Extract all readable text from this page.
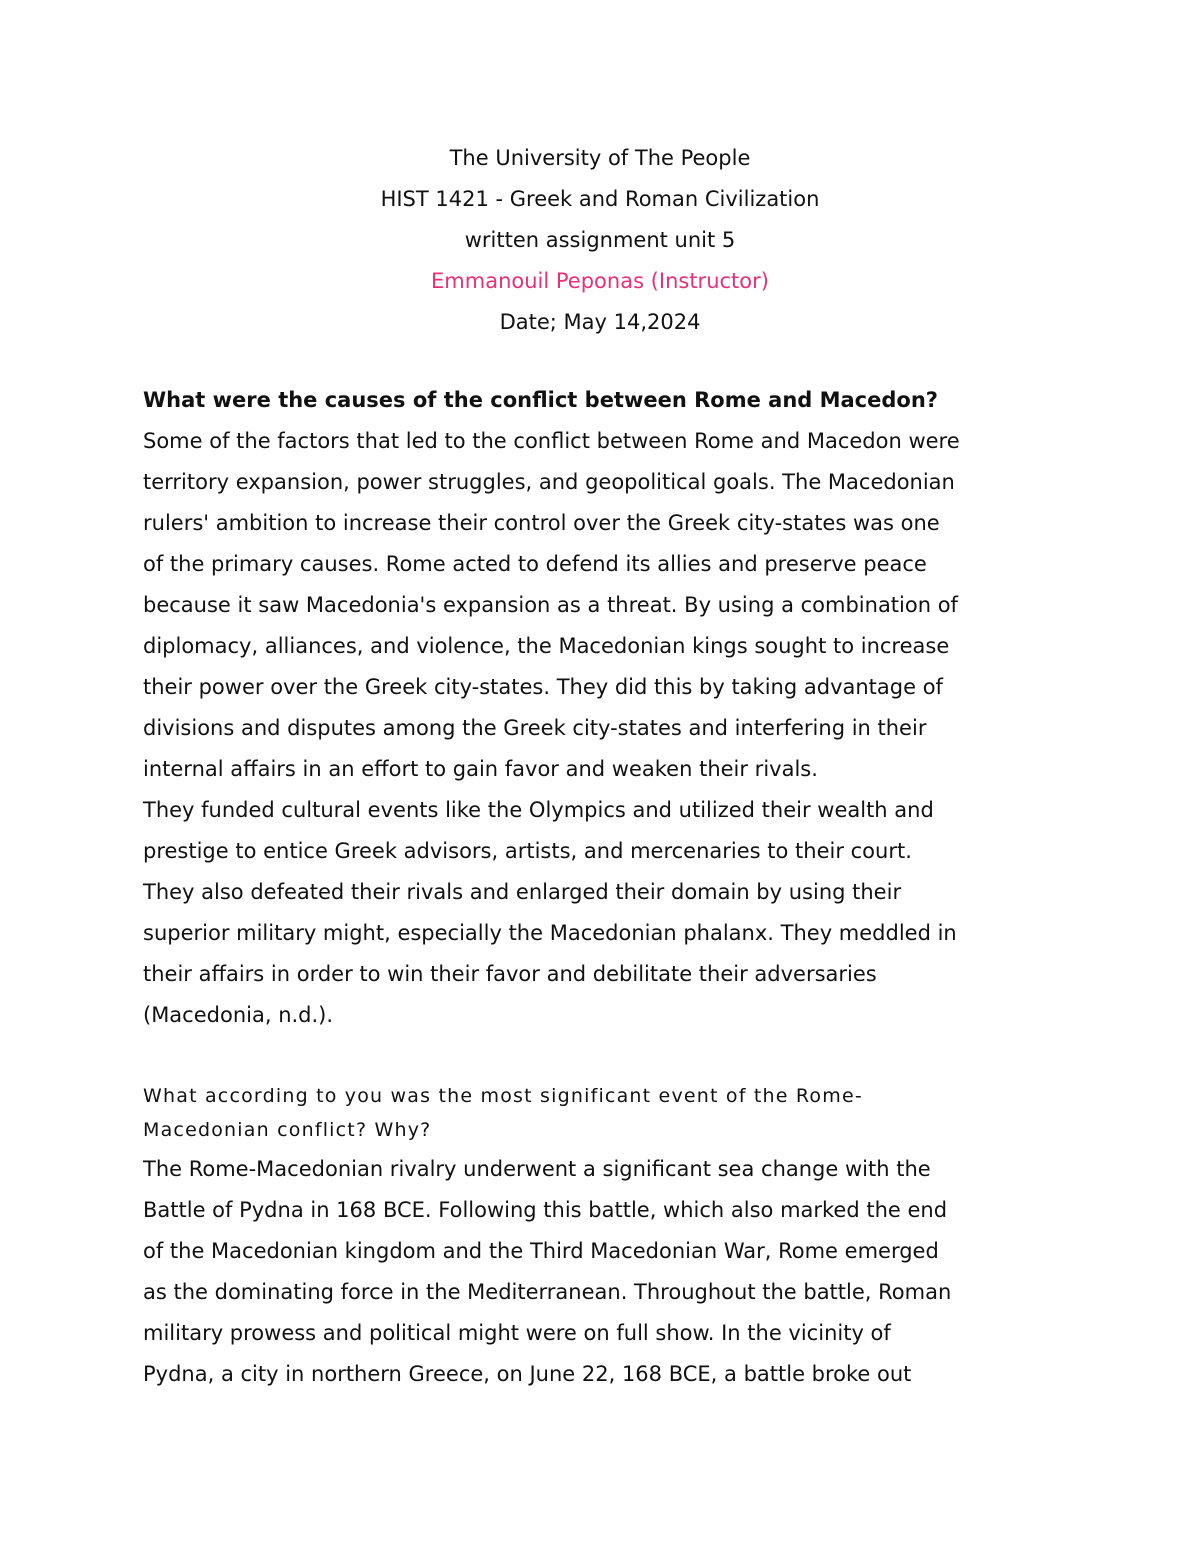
The University of The People
HIST 1421 - Greek and Roman Civilization
written assignment unit 5
Emmanouil Peponas (Instructor)
Date; May 14,2024

What were the causes of the conflict between Rome and Macedon?

Some of the factors that led to the conflict between Rome and Macedon were

territory expansion, power struggles, and geopolitical goals. The Macedonian

rulers' ambition to increase their control over the Greek city-states was one

of the primary causes. Rome acted to defend its allies and preserve peace

because it saw Macedonia's expansion as a threat. By using a combination of

diplomacy, alliances, and violence, the Macedonian kings sought to increase

their power over the Greek city-states. They did this by taking advantage of

divisions and disputes among the Greek city-states and interfering in their

internal affairs in an effort to gain favor and weaken their rivals.

They funded cultural events like the Olympics and utilized their wealth and

prestige to entice Greek advisors, artists, and mercenaries to their court.

They also defeated their rivals and enlarged their domain by using their

superior military might, especially the Macedonian phalanx. They meddled in

their affairs in order to win their favor and debilitate their adversaries

(Macedonia, n.d.).

What according to you was the most significant event of the Rome-

Macedonian conflict? Why?

The Rome-Macedonian rivalry underwent a significant sea change with the

Battle of Pydna in 168 BCE. Following this battle, which also marked the end

of the Macedonian kingdom and the Third Macedonian War, Rome emerged

as the dominating force in the Mediterranean. Throughout the battle, Roman

military prowess and political might were on full show. In the vicinity of

Pydna, a city in northern Greece, on June 22, 168 BCE, a battle broke out
